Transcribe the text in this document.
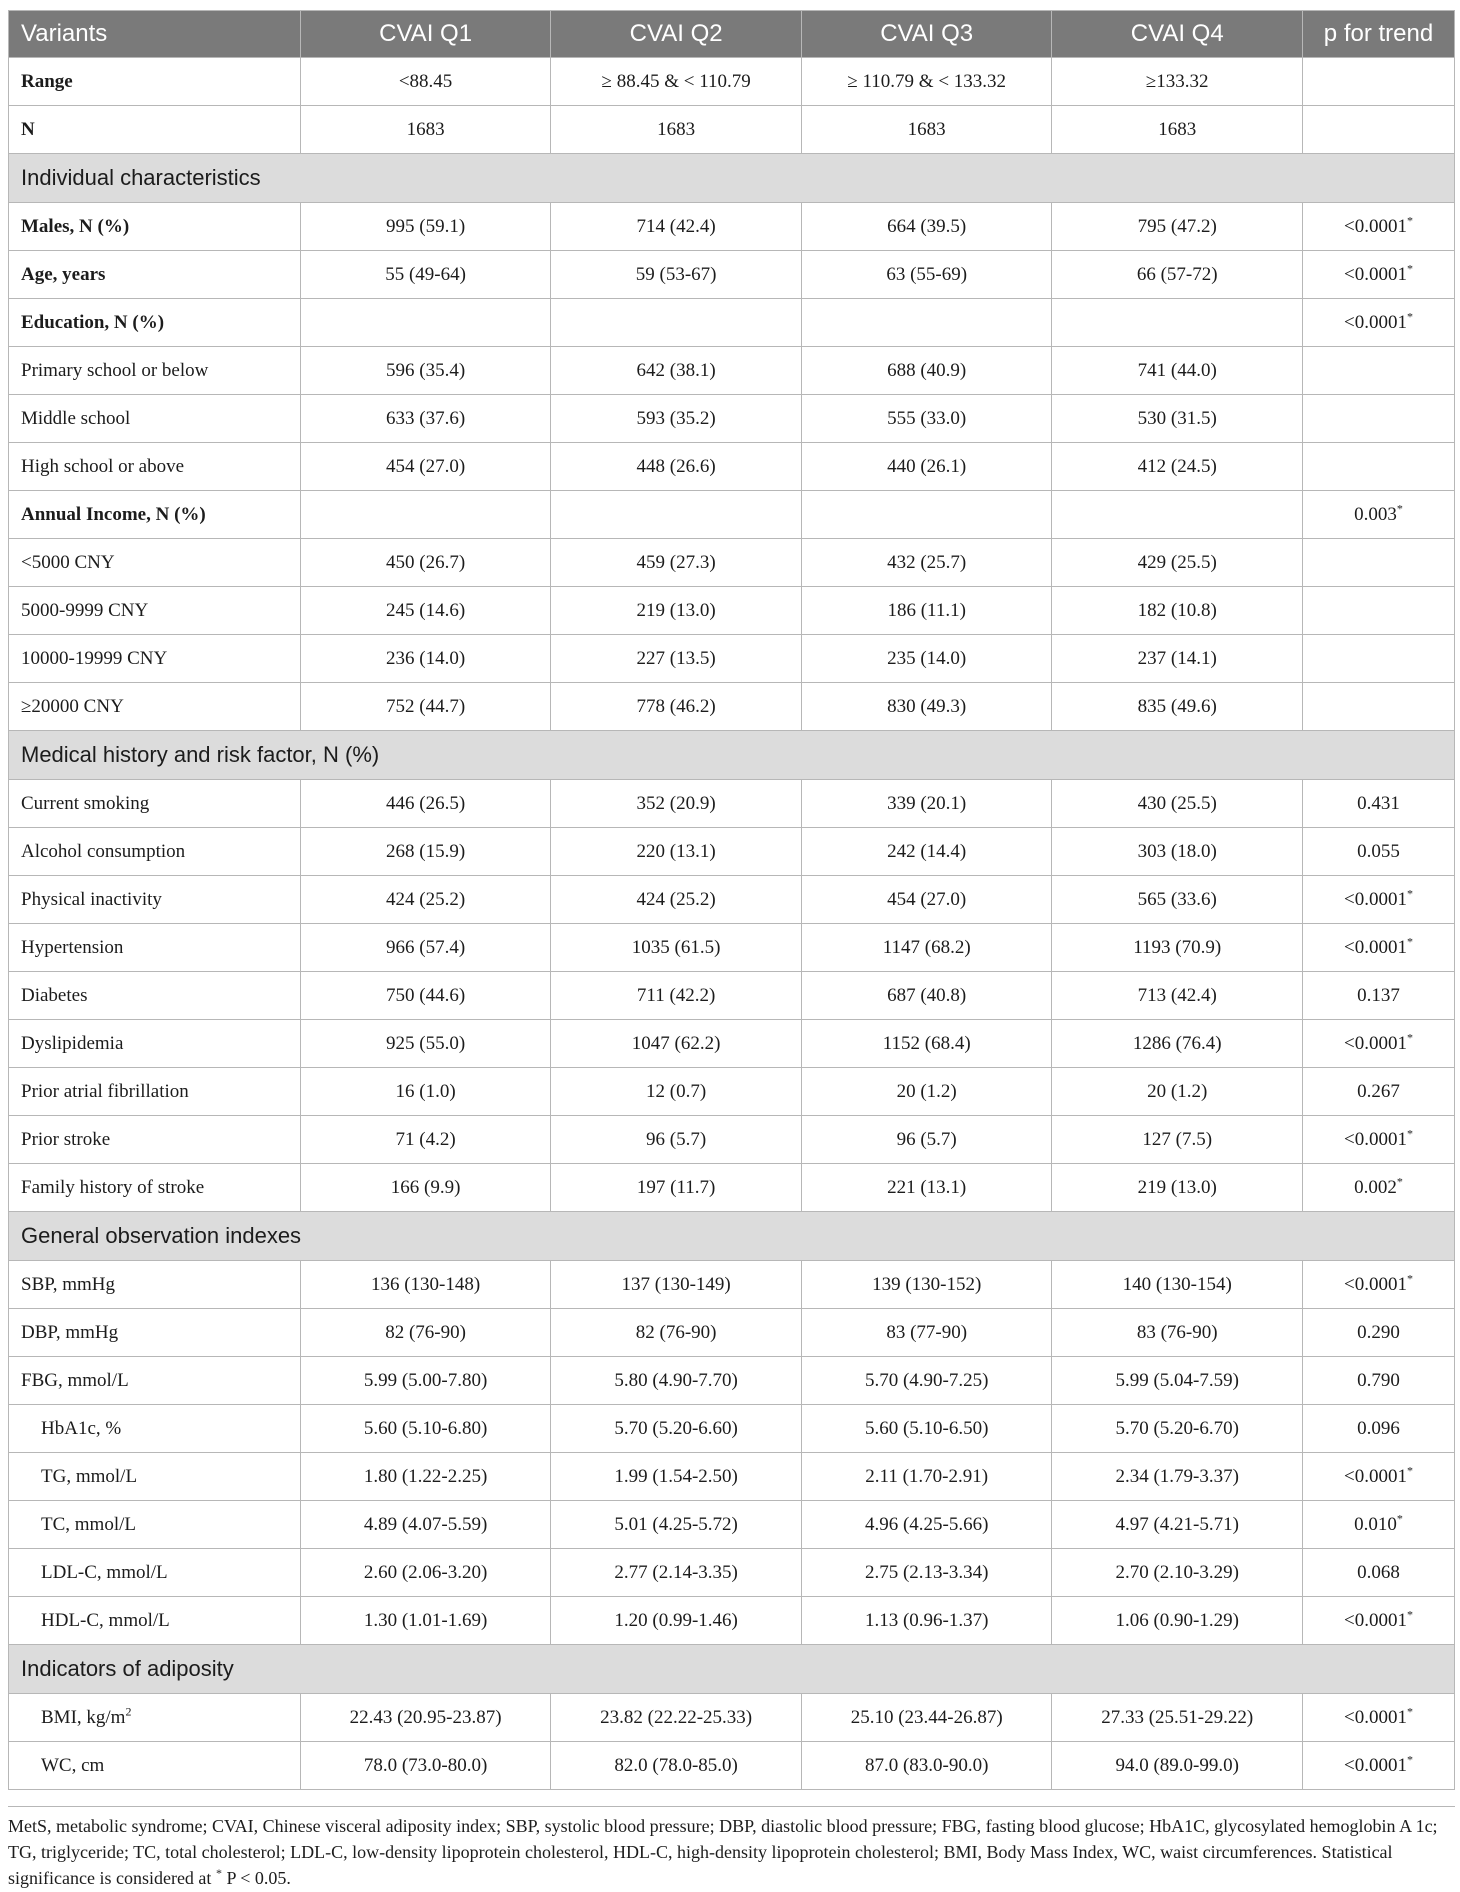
Variants	CVAI Q1	CVAI Q2	CVAI Q3	CVAI Q4	p for trend
Range	<88.45	≥ 88.45 & < 110.79	≥ 110.79 & < 133.32	≥133.32	
N	1683	1683	1683	1683	
Individual characteristics					
Males, N (%)	995 (59.1)	714 (42.4)	664 (39.5)	795 (47.2)	<0.0001*
Age, years	55 (49-64)	59 (53-67)	63 (55-69)	66 (57-72)	<0.0001*
Education, N (%)					<0.0001*
Primary school or below	596 (35.4)	642 (38.1)	688 (40.9)	741 (44.0)	
Middle school	633 (37.6)	593 (35.2)	555 (33.0)	530 (31.5)	
High school or above	454 (27.0)	448 (26.6)	440 (26.1)	412 (24.5)	
Annual Income, N (%)					0.003*
<5000 CNY	450 (26.7)	459 (27.3)	432 (25.7)	429 (25.5)	
5000-9999 CNY	245 (14.6)	219 (13.0)	186 (11.1)	182 (10.8)	
10000-19999 CNY	236 (14.0)	227 (13.5)	235 (14.0)	237 (14.1)	
≥20000 CNY	752 (44.7)	778 (46.2)	830 (49.3)	835 (49.6)	
Medical history and risk factor, N (%)					
Current smoking	446 (26.5)	352 (20.9)	339 (20.1)	430 (25.5)	0.431
Alcohol consumption	268 (15.9)	220 (13.1)	242 (14.4)	303 (18.0)	0.055
Physical inactivity	424 (25.2)	424 (25.2)	454 (27.0)	565 (33.6)	<0.0001*
Hypertension	966 (57.4)	1035 (61.5)	1147 (68.2)	1193 (70.9)	<0.0001*
Diabetes	750 (44.6)	711 (42.2)	687 (40.8)	713 (42.4)	0.137
Dyslipidemia	925 (55.0)	1047 (62.2)	1152 (68.4)	1286 (76.4)	<0.0001*
Prior atrial fibrillation	16 (1.0)	12 (0.7)	20 (1.2)	20 (1.2)	0.267
Prior stroke	71 (4.2)	96 (5.7)	96 (5.7)	127 (7.5)	<0.0001*
Family history of stroke	166 (9.9)	197 (11.7)	221 (13.1)	219 (13.0)	0.002*
General observation indexes					
SBP, mmHg	136 (130-148)	137 (130-149)	139 (130-152)	140 (130-154)	<0.0001*
DBP, mmHg	82 (76-90)	82 (76-90)	83 (77-90)	83 (76-90)	0.290
FBG, mmol/L	5.99 (5.00-7.80)	5.80 (4.90-7.70)	5.70 (4.90-7.25)	5.99 (5.04-7.59)	0.790
HbA1c, %	5.60 (5.10-6.80)	5.70 (5.20-6.60)	5.60 (5.10-6.50)	5.70 (5.20-6.70)	0.096
TG, mmol/L	1.80 (1.22-2.25)	1.99 (1.54-2.50)	2.11 (1.70-2.91)	2.34 (1.79-3.37)	<0.0001*
TC, mmol/L	4.89 (4.07-5.59)	5.01 (4.25-5.72)	4.96 (4.25-5.66)	4.97 (4.21-5.71)	0.010*
LDL-C, mmol/L	2.60 (2.06-3.20)	2.77 (2.14-3.35)	2.75 (2.13-3.34)	2.70 (2.10-3.29)	0.068
HDL-C, mmol/L	1.30 (1.01-1.69)	1.20 (0.99-1.46)	1.13 (0.96-1.37)	1.06 (0.90-1.29)	<0.0001*
Indicators of adiposity					
BMI, $kg/m^2$	22.43 (20.95-23.87)	23.82 (22.22-25.33)	25.10 (23.44-26.87)	27.33 (25.51-29.22)	<0.0001*
WC, cm	78.0 (73.0-80.0)	82.0 (78.0-85.0)	87.0 (83.0-90.0)	94.0 (89.0-99.0)	<0.0001*
MetS, metabolic syndrome; CVAI, Chinese visceral adiposity index; SBP, systolic blood pressure; DBP, diastolic blood pressure; FBG, fasting blood glucose; HbA1C, glycosylated hemoglobin A 1c; TG, triglyceride; TC, total cholesterol; LDL-C, low-density lipoprotein cholesterol, HDL-C, high-density lipoprotein cholesterol; BMI, Body Mass Index, WC, waist circumferences. Statistical significance is considered at * P < 0.05.
